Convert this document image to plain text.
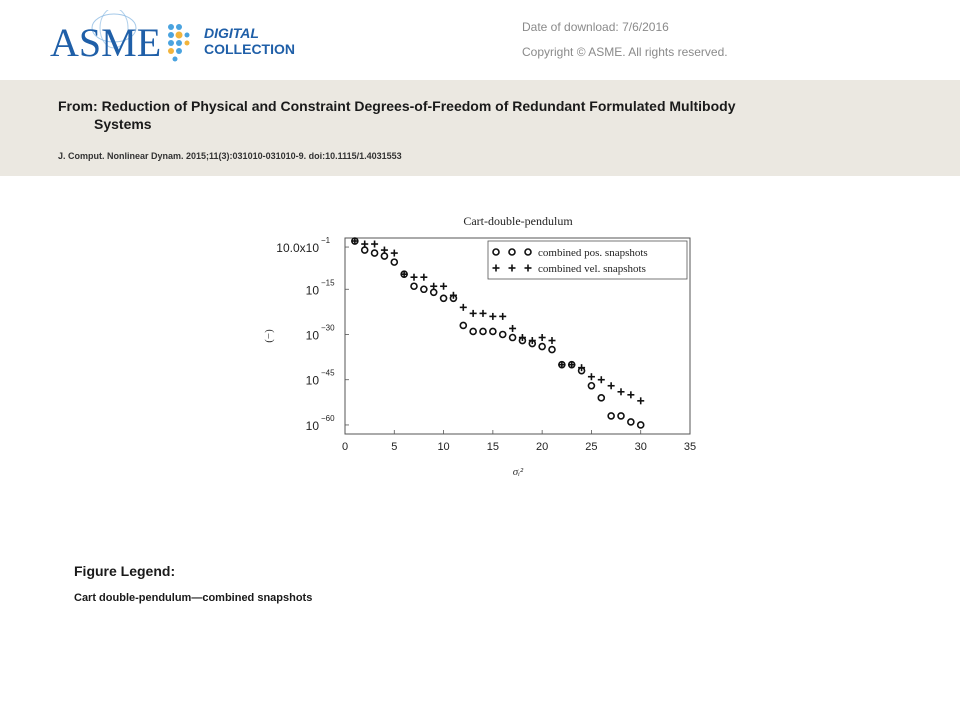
ASME	DIGITAL
COLLECTION
Date of download: 7/6/2016
Copyright © ASME. All rights reserved.
From: Reduction of Physical and Constraint Degrees-of-Freedom of Redundant Formulated Multibody
Systems
J. Comput. Nonlinear Dynam. 2015;11(3):031010-031010-9. doi:10.1115/1.4031553
Cart-double-pendulum
0	5	10	15	20	25	30	35
10.0x10
−1
10
−15
10
−30
10
−45
10
−60
(−)
σᵢ²
combined pos. snapshots
combined vel. snapshots
Figure Legend:
Cart double-pendulum—combined snapshots
